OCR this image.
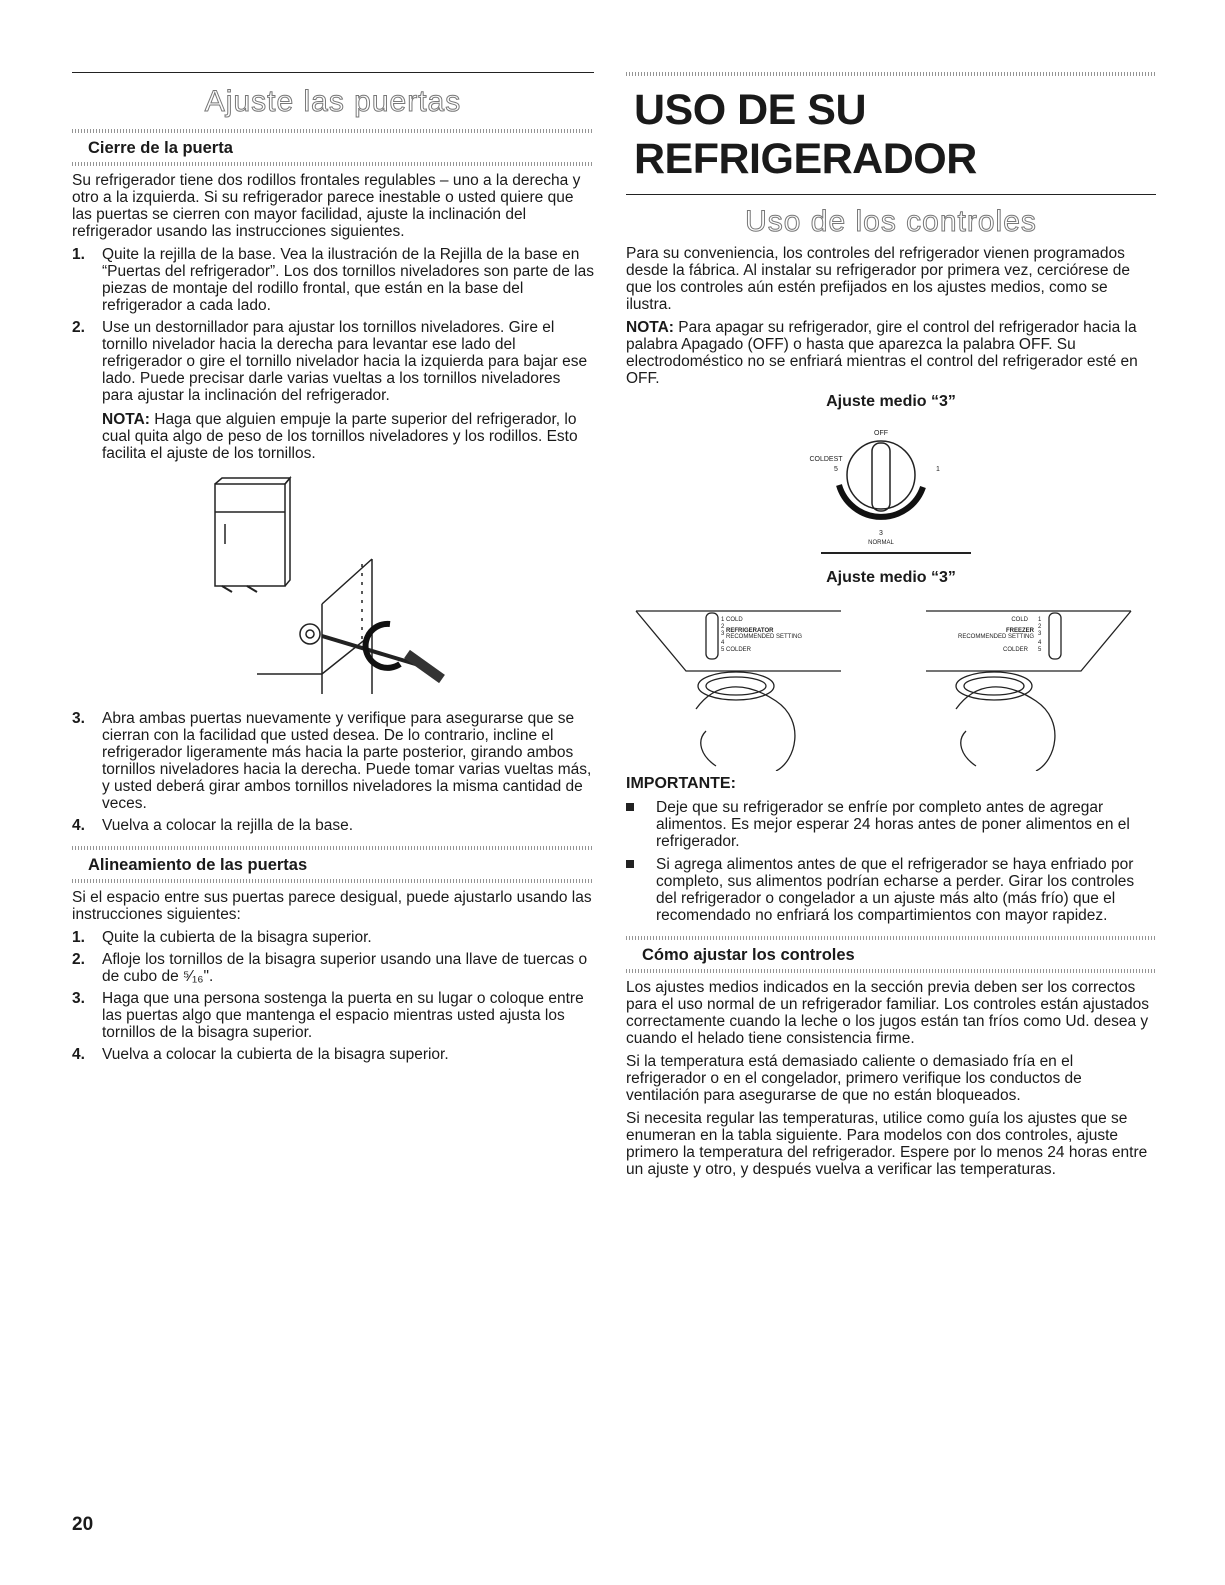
Ajuste las puertas
Cierre de la puerta

Su refrigerador tiene dos rodillos frontales regulables – uno a la derecha y otro a la izquierda. Si su refrigerador parece inestable o usted quiere que las puertas se cierren con mayor facilidad, ajuste la inclinación del refrigerador usando las instrucciones siguientes.

1. Quite la rejilla de la base. Vea la ilustración de la Rejilla de la base en “Puertas del refrigerador”. Los dos tornillos niveladores son parte de las piezas de montaje del rodillo frontal, que están en la base del refrigerador a cada lado.
2. Use un destornillador para ajustar los tornillos niveladores. Gire el tornillo nivelador hacia la derecha para levantar ese lado del refrigerador o gire el tornillo nivelador hacia la izquierda para bajar ese lado. Puede precisar darle varias vueltas a los tornillos niveladores para ajustar la inclinación del refrigerador.
NOTA: Haga que alguien empuje la parte superior del refrigerador, lo cual quita algo de peso de los tornillos niveladores y los rodillos. Esto facilita el ajuste de los tornillos.
3. Abra ambas puertas nuevamente y verifique para asegurarse que se cierran con la facilidad que usted desea. De lo contrario, incline el refrigerador ligeramente más hacia la parte posterior, girando ambos tornillos niveladores hacia la derecha. Puede tomar varias vueltas más, y usted deberá girar ambos tornillos niveladores la misma cantidad de veces.
4. Vuelva a colocar la rejilla de la base.
Alineamiento de las puertas

Si el espacio entre sus puertas parece desigual, puede ajustarlo usando las instrucciones siguientes:

1. Quite la cubierta de la bisagra superior.
2. Afloje los tornillos de la bisagra superior usando una llave de tuercas o de cubo de ⁵⁄₁₆".
3. Haga que una persona sostenga la puerta en su lugar o coloque entre las puertas algo que mantenga el espacio mientras usted ajusta los tornillos de la bisagra superior.
4. Vuelva a colocar la cubierta de la bisagra superior.
USO DE SU REFRIGERADOR
Uso de los controles

Para su conveniencia, los controles del refrigerador vienen programados desde la fábrica. Al instalar su refrigerador por primera vez, cerciórese de que los controles aún estén prefijados en los ajustes medios, como se ilustra.

NOTA: Para apagar su refrigerador, gire el control del refrigerador hacia la palabra Apagado (OFF) o hasta que aparezca la palabra OFF. Su electrodoméstico no se enfriará mientras el control del refrigerador esté en OFF.

Ajuste medio “3”
OFF
COLDEST
5	1
3
NORMAL
Ajuste medio “3”
1 COLD
2
3 REFRIGERATOR
RECOMMENDED SETTING
4
5 COLDER
COLD 1
2
3
FREEZER
RECOMMENDED SETTING
4
5
COLDER
IMPORTANTE:
Deje que su refrigerador se enfríe por completo antes de agregar alimentos. Es mejor esperar 24 horas antes de poner alimentos en el refrigerador.
Si agrega alimentos antes de que el refrigerador se haya enfriado por completo, sus alimentos podrían echarse a perder. Girar los controles del refrigerador o congelador a un ajuste más alto (más frío) que el recomendado no enfriará los compartimientos con mayor rapidez.
Cómo ajustar los controles

Los ajustes medios indicados en la sección previa deben ser los correctos para el uso normal de un refrigerador familiar. Los controles están ajustados correctamente cuando la leche o los jugos están tan fríos como Ud. desea y cuando el helado tiene consistencia firme.

Si la temperatura está demasiado caliente o demasiado fría en el refrigerador o en el congelador, primero verifique los conductos de ventilación para asegurarse de que no están bloqueados.

Si necesita regular las temperaturas, utilice como guía los ajustes que se enumeran en la tabla siguiente. Para modelos con dos controles, ajuste primero la temperatura del refrigerador. Espere por lo menos 24 horas entre un ajuste y otro, y después vuelva a verificar las temperaturas.

20
